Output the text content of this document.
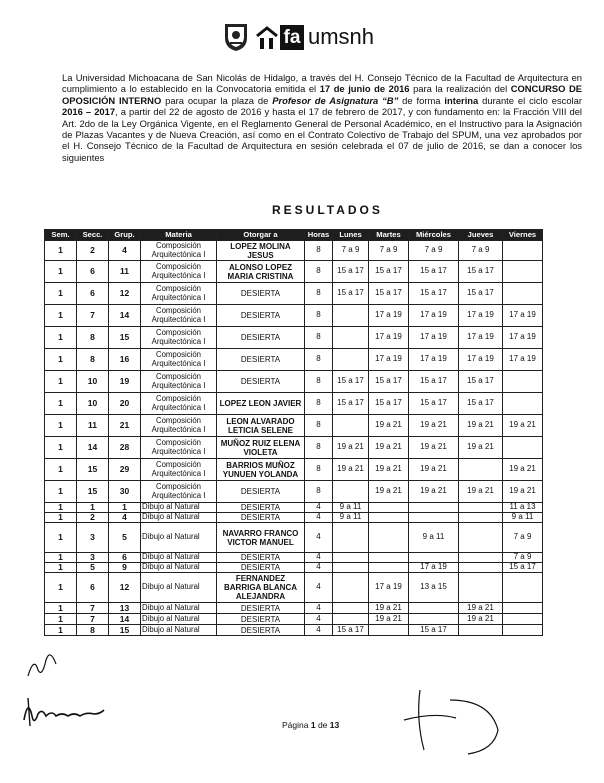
fa umsnh
La Universidad Michoacana de San Nicolás de Hidalgo, a través del H. Consejo Técnico de la Facultad de Arquitectura en cumplimiento a lo establecido en la Convocatoria emitida el 17 de junio de 2016 para la realización del CONCURSO DE OPOSICIÓN INTERNO para ocupar la plaza de Profesor de Asignatura “B” de forma interina durante el ciclo escolar 2016 – 2017, a partir del 22 de agosto de 2016 y hasta el 17 de febrero de 2017, y con fundamento en: la Fracción VIII del Art. 2do de la Ley Orgánica Vigente, en el Reglamento General de Personal Académico, en el Instructivo para la Asignación de Plazas Vacantes y de Nueva Creación, así como en el Contrato Colectivo de Trabajo del SPUM, una vez aprobados por el H. Consejo Técnico de la Facultad de Arquitectura en sesión celebrada el 07 de julio de 2016, se dan a conocer los siguientes
RESULTADOS
Sem.	Secc.	Grup.	Materia	Otorgar a	Horas	Lunes	Martes	Miércoles	Jueves	Viernes
1	2	4	Composición Arquitectónica I	LOPEZ MOLINA JESUS	8	7 a 9	7 a 9	7 a 9	7 a 9	
1	6	11	Composición Arquitectónica I	ALONSO LOPEZ MARIA CRISTINA	8	15 a 17	15 a 17	15 a 17	15 a 17	
1	6	12	Composición Arquitectónica I	DESIERTA	8	15 a 17	15 a 17	15 a 17	15 a 17	
1	7	14	Composición Arquitectónica I	DESIERTA	8		17 a 19	17 a 19	17 a 19	17 a 19
1	8	15	Composición Arquitectónica I	DESIERTA	8		17 a 19	17 a 19	17 a 19	17 a 19
1	8	16	Composición Arquitectónica I	DESIERTA	8		17 a 19	17 a 19	17 a 19	17 a 19
1	10	19	Composición Arquitectónica I	DESIERTA	8	15 a 17	15 a 17	15 a 17	15 a 17	
1	10	20	Composición Arquitectónica I	LOPEZ LEON JAVIER	8	15 a 17	15 a 17	15 a 17	15 a 17	
1	11	21	Composición Arquitectónica I	LEON ALVARADO LETICIA SELENE	8		19 a 21	19 a 21	19 a 21	19 a 21
1	14	28	Composición Arquitectónica I	MUÑOZ RUIZ ELENA VIOLETA	8	19 a 21	19 a 21	19 a 21	19 a 21	
1	15	29	Composición Arquitectónica I	BARRIOS MUÑOZ YUNUEN YOLANDA	8	19 a 21	19 a 21	19 a 21		19 a 21
1	15	30	Composición Arquitectónica I	DESIERTA	8		19 a 21	19 a 21	19 a 21	19 a 21
1	1	1	Dibujo al Natural	DESIERTA	4	9 a 11				11 a 13
1	2	4	Dibujo al Natural	DESIERTA	4	9 a 11				9 a 11
1	3	5	Dibujo al Natural	NAVARRO FRANCO VICTOR MANUEL	4			9 a 11		7 a 9
1	3	6	Dibujo al Natural	DESIERTA	4					7 a 9
1	5	9	Dibujo al Natural	DESIERTA	4			17 a 19		15 a 17
1	6	12	Dibujo al Natural	FERNANDEZ BARRIGA BLANCA ALEJANDRA	4		17 a 19	13 a 15		
1	7	13	Dibujo al Natural	DESIERTA	4		19 a 21		19 a 21	
1	7	14	Dibujo al Natural	DESIERTA	4		19 a 21		19 a 21	
1	8	15	Dibujo al Natural	DESIERTA	4	15 a 17		15 a 17		
Página 1 de 13
